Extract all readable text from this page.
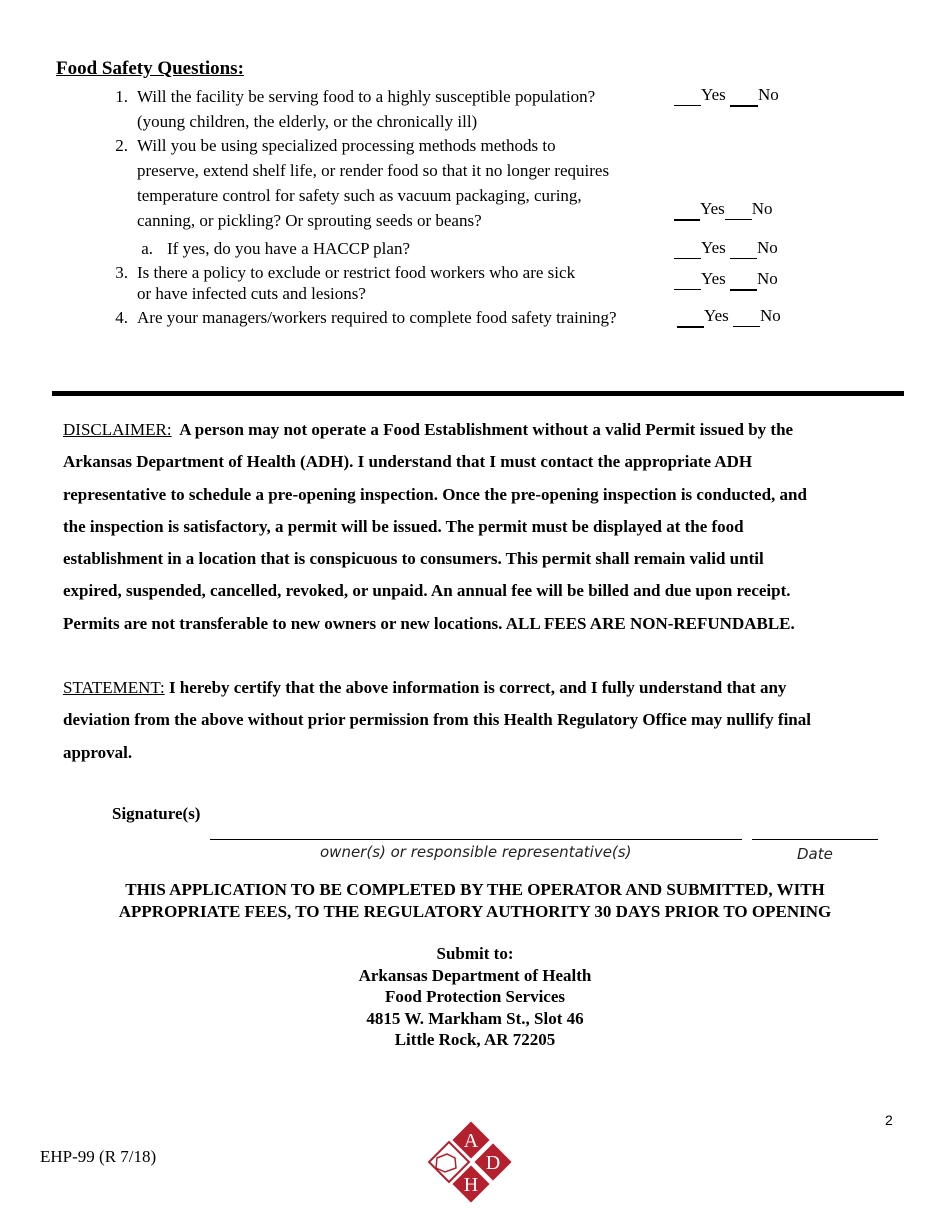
Food Safety Questions:
1. Will the facility be serving food to a highly susceptible population?
(young children, the elderly, or the chronically ill)
Yes No
2. Will you be using specialized processing methods methods to
preserve, extend shelf life, or render food so that it no longer requires
temperature control for safety such as vacuum packaging, curing,
canning, or pickling? Or sprouting seeds or beans?
Yes No
a. If yes, do you have a HACCP plan?	Yes No
3. Is there a policy to exclude or restrict food workers who are sick
or have infected cuts and lesions?
Yes No
4. Are your managers/workers required to complete food safety training?	Yes No
DISCLAIMER: A person may not operate a Food Establishment without a valid Permit issued by the
Arkansas Department of Health (ADH). I understand that I must contact the appropriate ADH
representative to schedule a pre-opening inspection. Once the pre-opening inspection is conducted, and
the inspection is satisfactory, a permit will be issued. The permit must be displayed at the food
establishment in a location that is conspicuous to consumers. This permit shall remain valid until
expired, suspended, cancelled, revoked, or unpaid. An annual fee will be billed and due upon receipt.
Permits are not transferable to new owners or new locations. ALL FEES ARE NON-REFUNDABLE.
STATEMENT: I hereby certify that the above information is correct, and I fully understand that any
deviation from the above without prior permission from this Health Regulatory Office may nullify final
approval.
Signature(s)
owner(s) or responsible representative(s)	Date
THIS APPLICATION TO BE COMPLETED BY THE OPERATOR AND SUBMITTED, WITH
APPROPRIATE FEES, TO THE REGULATORY AUTHORITY 30 DAYS PRIOR TO OPENING
Submit to:
Arkansas Department of Health
Food Protection Services
4815 W. Markham St., Slot 46
Little Rock, AR 72205
2
EHP-99 (R 7/18)
A
D
H
